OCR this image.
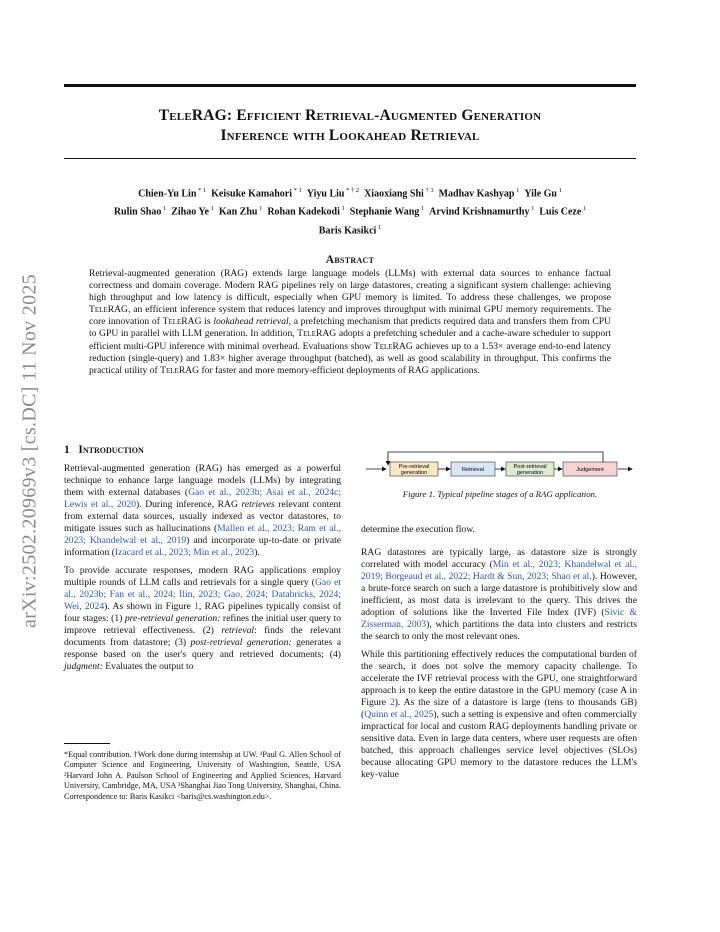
arXiv:2502.20969v3 [cs.DC] 11 Nov 2025
TeleRAG: Efficient Retrieval-Augmented Generation
Inference with Lookahead Retrieval
Chien-Yu Lin $^{* 1}$  Keisuke Kamahori $^{* 1}$  Yiyu Liu $^{* \dagger 2}$  Xiaoxiang Shi $^{\dagger 3}$  Madhav Kashyap $^1$  Yile Gu $^1$
Rulin Shao $^1$  Zihao Ye $^1$  Kan Zhu $^1$  Rohan Kadekodi $^1$  Stephanie Wang $^1$  Arvind Krishnamurthy $^1$  Luis Ceze $^1$
Baris Kasikci $^1$
Abstract
Retrieval-augmented generation (RAG) extends large language models (LLMs) with external data sources to enhance factual correctness and domain coverage. Modern RAG pipelines rely on large datastores, creating a significant system challenge: achieving high throughput and low latency is difficult, especially when GPU memory is limited. To address these challenges, we propose TeleRAG, an efficient inference system that reduces latency and improves throughput with minimal GPU memory requirements. The core innovation of TeleRAG is lookahead retrieval, a prefetching mechanism that predicts required data and transfers them from CPU to GPU in parallel with LLM generation. In addition, TeleRAG adopts a prefetching scheduler and a cache-aware scheduler to support efficient multi-GPU inference with minimal overhead. Evaluations show TeleRAG achieves up to a 1.53× average end-to-end latency reduction (single-query) and 1.83× higher average throughput (batched), as well as good scalability in throughput. This confirms the practical utility of TeleRAG for faster and more memory-efficient deployments of RAG applications.
1 Introduction

Retrieval-augmented generation (RAG) has emerged as a powerful technique to enhance large language models (LLMs) by integrating them with external databases (Gao et al., 2023b; Asai et al., 2024c; Lewis et al., 2020). During inference, RAG retrieves relevant content from external data sources, usually indexed as vector datastores, to mitigate issues such as hallucinations (Mallen et al., 2023; Ram et al., 2023; Khandelwal et al., 2019) and incorporate up-to-date or private information (Izacard et al., 2023; Min et al., 2023).

To provide accurate responses, modern RAG applications employ multiple rounds of LLM calls and retrievals for a single query (Gao et al., 2023b; Fan et al., 2024; Ilin, 2023; Gao, 2024; Databricks, 2024; Wei, 2024). As shown in Figure 1, RAG pipelines typically consist of four stages: (1) pre-retrieval generation: refines the initial user query to improve retrieval effectiveness. (2) retrieval: finds the relevant documents from datastore; (3) post-retrieval generation: generates a response based on the user's query and retrieved documents; (4) judgment: Evaluates the output to

*Equal contribution. †Work done during internship at UW. ¹Paul G. Allen School of Computer Science and Engineering, University of Washington, Seattle, USA ²Harvard John A. Paulson School of Engineering and Applied Sciences, Harvard University, Cambridge, MA, USA ³Shanghai Jiao Tong University, Shanghai, China. Correspondence to: Baris Kasikci <baris@cs.washington.edu>.
Pre-retrieval
generation	Retrieval	Post-retrieval
generation	Judgement
Figure 1. Typical pipeline stages of a RAG application.

determine the execution flow.

RAG datastores are typically large, as datastore size is strongly correlated with model accuracy (Min et al., 2023; Khandelwal et al., 2019; Borgeaud et al., 2022; Hardt & Sun, 2023; Shao et al.). However, a brute-force search on such a large datastore is prohibitively slow and inefficient, as most data is irrelevant to the query. This drives the adoption of solutions like the Inverted File Index (IVF) (Sivic & Zisserman, 2003), which partitions the data into clusters and restricts the search to only the most relevant ones.

While this partitioning effectively reduces the computational burden of the search, it does not solve the memory capacity challenge. To accelerate the IVF retrieval process with the GPU, one straightforward approach is to keep the entire datastore in the GPU memory (case A in Figure 2). As the size of a datastore is large (tens to thousands GB) (Quinn et al., 2025), such a setting is expensive and often commercially impractical for local and custom RAG deployments handling private or sensitive data. Even in large data centers, where user requests are often batched, this approach challenges service level objectives (SLOs) because allocating GPU memory to the datastore reduces the LLM's key-value
